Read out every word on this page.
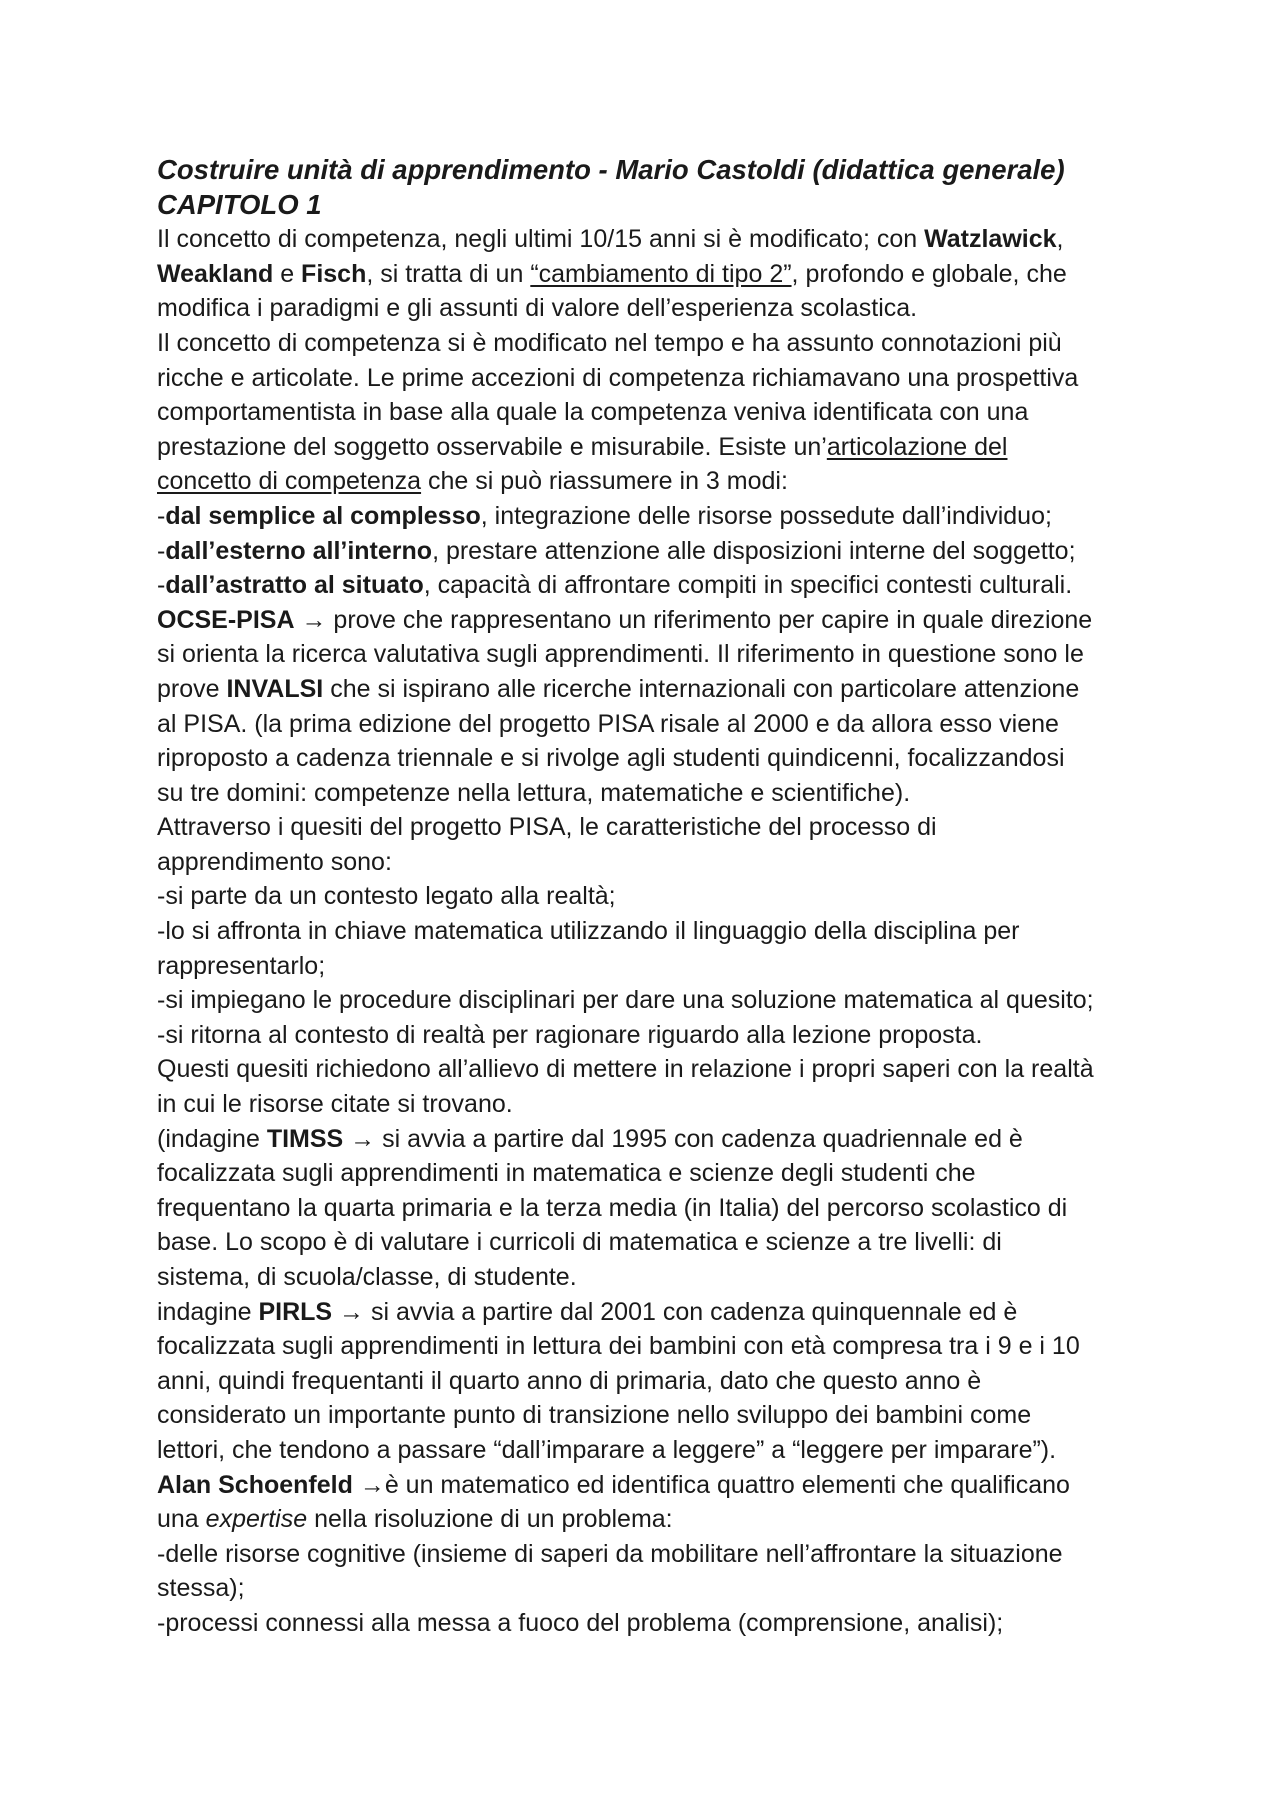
Costruire unità di apprendimento - Mario Castoldi (didattica generale)
CAPITOLO 1
Il concetto di competenza, negli ultimi 10/15 anni si è modificato; con Watzlawick,
Weakland e Fisch, si tratta di un “cambiamento di tipo 2”, profondo e globale, che
modifica i paradigmi e gli assunti di valore dell’esperienza scolastica.
Il concetto di competenza si è modificato nel tempo e ha assunto connotazioni più
ricche e articolate. Le prime accezioni di competenza richiamavano una prospettiva
comportamentista in base alla quale la competenza veniva identificata con una
prestazione del soggetto osservabile e misurabile. Esiste un’articolazione del
concetto di competenza che si può riassumere in 3 modi:
-dal semplice al complesso, integrazione delle risorse possedute dall’individuo;
-dall’esterno all’interno, prestare attenzione alle disposizioni interne del soggetto;
-dall’astratto al situato, capacità di affrontare compiti in specifici contesti culturali.
OCSE-PISA → prove che rappresentano un riferimento per capire in quale direzione
si orienta la ricerca valutativa sugli apprendimenti. Il riferimento in questione sono le
prove INVALSI che si ispirano alle ricerche internazionali con particolare attenzione
al PISA. (la prima edizione del progetto PISA risale al 2000 e da allora esso viene
riproposto a cadenza triennale e si rivolge agli studenti quindicenni, focalizzandosi
su tre domini: competenze nella lettura, matematiche e scientifiche).
Attraverso i quesiti del progetto PISA, le caratteristiche del processo di
apprendimento sono:
-si parte da un contesto legato alla realtà;
-lo si affronta in chiave matematica utilizzando il linguaggio della disciplina per
rappresentarlo;
-si impiegano le procedure disciplinari per dare una soluzione matematica al quesito;
-si ritorna al contesto di realtà per ragionare riguardo alla lezione proposta.
Questi quesiti richiedono all’allievo di mettere in relazione i propri saperi con la realtà
in cui le risorse citate si trovano.
(indagine TIMSS → si avvia a partire dal 1995 con cadenza quadriennale ed è
focalizzata sugli apprendimenti in matematica e scienze degli studenti che
frequentano la quarta primaria e la terza media (in Italia) del percorso scolastico di
base. Lo scopo è di valutare i curricoli di matematica e scienze a tre livelli: di
sistema, di scuola/classe, di studente.
indagine PIRLS → si avvia a partire dal 2001 con cadenza quinquennale ed è
focalizzata sugli apprendimenti in lettura dei bambini con età compresa tra i 9 e i 10
anni, quindi frequentanti il quarto anno di primaria, dato che questo anno è
considerato un importante punto di transizione nello sviluppo dei bambini come
lettori, che tendono a passare “dall’imparare a leggere” a “leggere per imparare”).
Alan Schoenfeld →è un matematico ed identifica quattro elementi che qualificano
una expertise nella risoluzione di un problema:
-delle risorse cognitive (insieme di saperi da mobilitare nell’affrontare la situazione
stessa);
-processi connessi alla messa a fuoco del problema (comprensione, analisi);
